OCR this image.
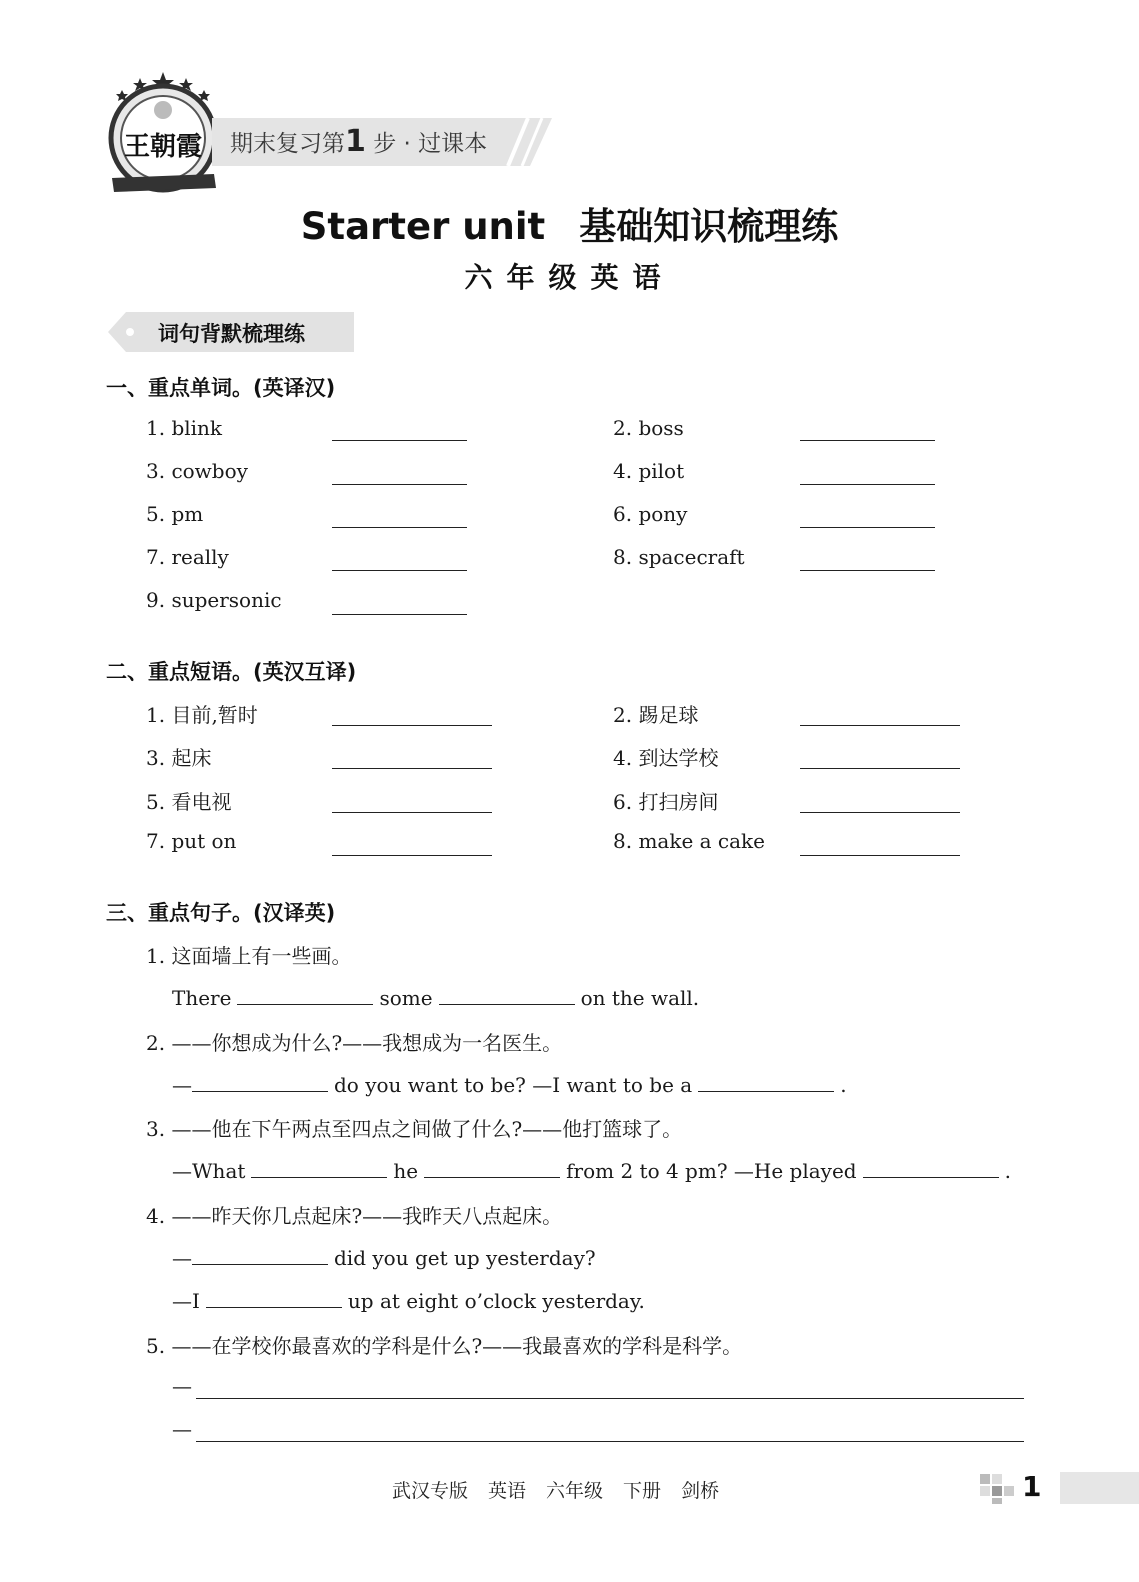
王朝霞 期末复习第1 步 · 过课本
Starter unit 基础知识梳理练
六年级英语
词句背默梳理练
一、重点单词。(英译汉)
1. blink	2. boss
3. cowboy	4. pilot
5. pm	6. pony
7. really	8. spacecraft
9. supersonic
二、重点短语。(英汉互译)
1. 目前,暂时	2. 踢足球
3. 起床	4. 到达学校
5. 看电视	6. 打扫房间
7. put on	8. make a cake
三、重点句子。(汉译英)
1. 这面墙上有一些画。
There	some	on the wall.
2. ——你想成为什么?——我想成为一名医生。
—	do you want to be? —I want to be a	.
3. ——他在下午两点至四点之间做了什么?——他打篮球了。
—What	he	from 2 to 4 pm? —He played	.
4. ——昨天你几点起床?——我昨天八点起床。
—	did you get up yesterday?
—I	up at eight o’clock yesterday.
5. ——在学校你最喜欢的学科是什么?——我最喜欢的学科是科学。
—
—
武汉专版 英语 六年级 下册 剑桥	1
